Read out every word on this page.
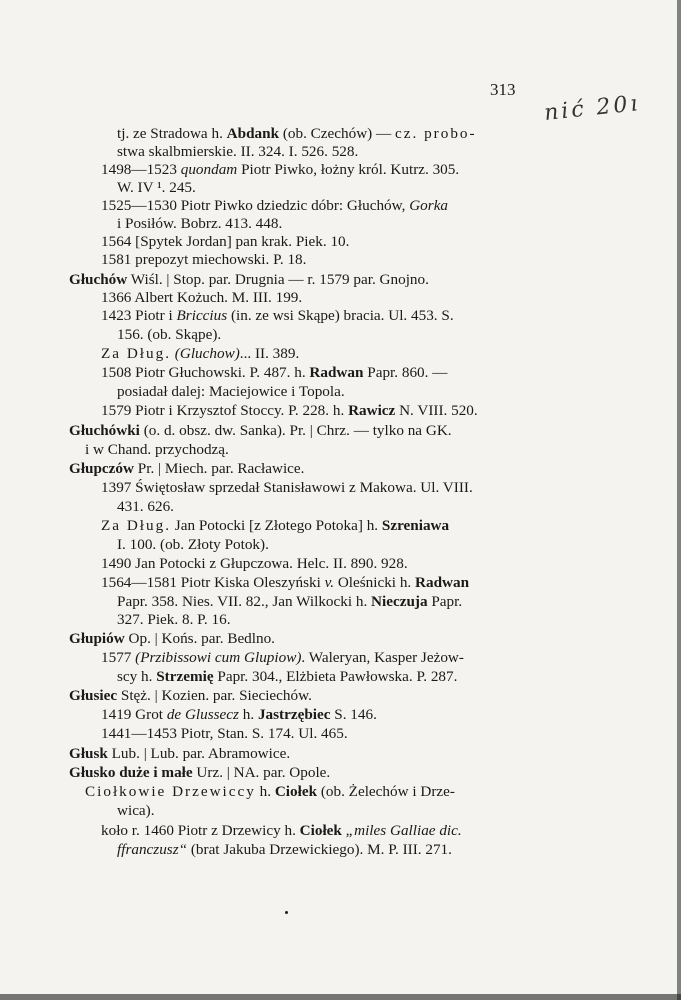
313
nić 20ı
tj. ze Stradowa h. Abdank (ob. Czechów) — cz. probo-
stwa skalbmierskie. II. 324. I. 526. 528.
1498—1523 quondam Piotr Piwko, łożny król. Kutrz. 305.
W. IV ¹. 245.
1525—1530 Piotr Piwko dziedzic dóbr: Głuchów, Gorka
i Posiłów. Bobrz. 413. 448.
1564 [Spytek Jordan] pan krak. Piek. 10.
1581 prepozyt miechowski. P. 18.
Głuchów Wiśl. | Stop. par. Drugnia — r. 1579 par. Gnojno.
1366 Albert Kożuch. M. III. 199.
1423 Piotr i Briccius (in. ze wsi Skąpe) bracia. Ul. 453. S.
156. (ob. Skąpe).
Za Dług. (Gluchow)... II. 389.
1508 Piotr Głuchowski. P. 487. h. Radwan Papr. 860. —
posiadał dalej: Maciejowice i Topola.
1579 Piotr i Krzysztof Stoccy. P. 228. h. Rawicz N. VIII. 520.
Głuchówki (o. d. obsz. dw. Sanka). Pr. | Chrz. — tylko na GK.
i w Chand. przychodzą.
Głupczów Pr. | Miech. par. Racławice.
1397 Świętosław sprzedał Stanisławowi z Makowa. Ul. VIII.
431. 626.
Za Dług. Jan Potocki [z Złotego Potoka] h. Szreniawa
I. 100. (ob. Złoty Potok).
1490 Jan Potocki z Głupczowa. Helc. II. 890. 928.
1564—1581 Piotr Kiska Oleszyński v. Oleśnicki h. Radwan
Papr. 358. Nies. VII. 82., Jan Wilkocki h. Nieczuja Papr.
327. Piek. 8. P. 16.
Głupiów Op. | Końs. par. Bedlno.
1577 (Przibissowi cum Glupiow). Waleryan, Kasper Jeżow-
scy h. Strzemię Papr. 304., Elżbieta Pawłowska. P. 287.
Głusiec Stęż. | Kozien. par. Sieciechów.
1419 Grot de Glussecz h. Jastrzębiec S. 146.
1441—1453 Piotr, Stan. S. 174. Ul. 465.
Głusk Lub. | Lub. par. Abramowice.
Głusko duże i małe Urz. | NA. par. Opole.
Ciołkowie Drzewiccy h. Ciołek (ob. Żelechów i Drze-
wica).
koło r. 1460 Piotr z Drzewicy h. Ciołek „miles Galliae dic.
ffranczusz“ (brat Jakuba Drzewickiego). M. P. III. 271.
